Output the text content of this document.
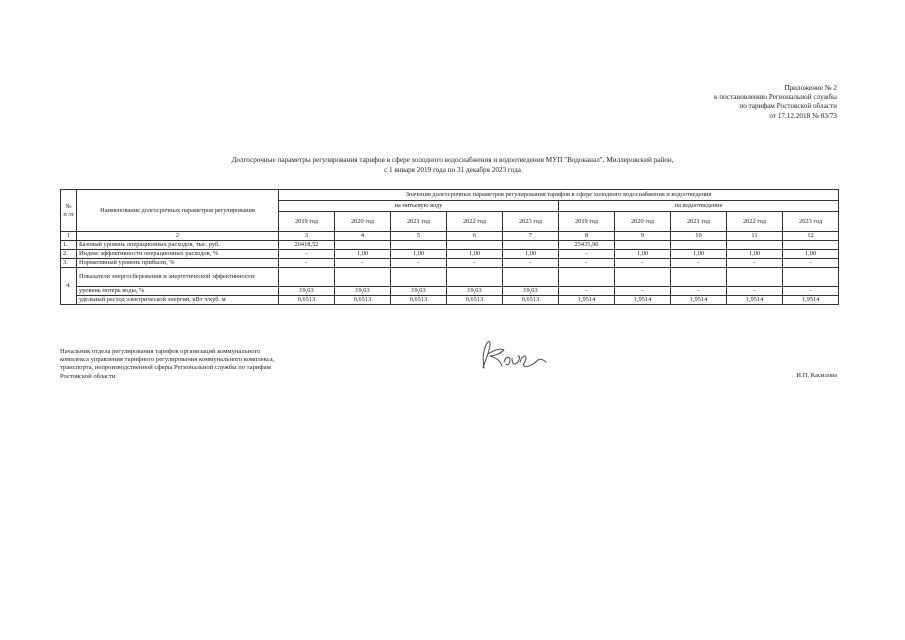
Приложение № 2
к постановлению Региональной службы
по тарифам Ростовской области
от 17.12.2018 № 83/73
Долгосрочные параметры регулирования тарифов в сфере холодного водоснабжения и водоотведения МУП "Водоканал", Миллеровский район,
с 1 января 2019 года по 31 декабря 2023 года
№
п /п	Наименование долгосрочных параметров регулирования	Значения долгосрочных параметров регулирования тарифов в сфере холодного водоснабжения и водоотведения									
		на питьевую воду					на водоотведение				
		2019 год	2020 год	2021 год	2022 год	2023 год	2019 год	2020 год	2021 год	2022 год	2023 год
1	2	3	4	5	6	7	8	9	10	11	12
1.	Базовый уровень операционных расходов, тыс. руб.	20418,52					25435,90				
2.	Индекс эффективности операционных расходов, %	-	1,00	1,00	1,00	1,00	-	1,00	1,00	1,00	1,00
3.	Нормативный уровень прибыли, %	-	-	-	-	-	-	-	-	-	-
4.	Показатели энергосбережения и энергетической эффективности:										
	уровень потерь воды, %	19,03	19,03	19,03	19,03	19,03	-	-	-	-	-
	удельный расход электрической энергии, кВт ч/куб. м	0,6513	0,6513	0,6513	0,6513	0,6513	1,9514	1,9514	1,9514	1,9514	1,9514
Начальник отдела регулирования тарифов организаций коммунального
комплекса управления тарифного регулирования коммунального комплекса,
транспорта, непроизводственной сферы Региональной службы по тарифам
Ростовской области	И.П. Касилова
